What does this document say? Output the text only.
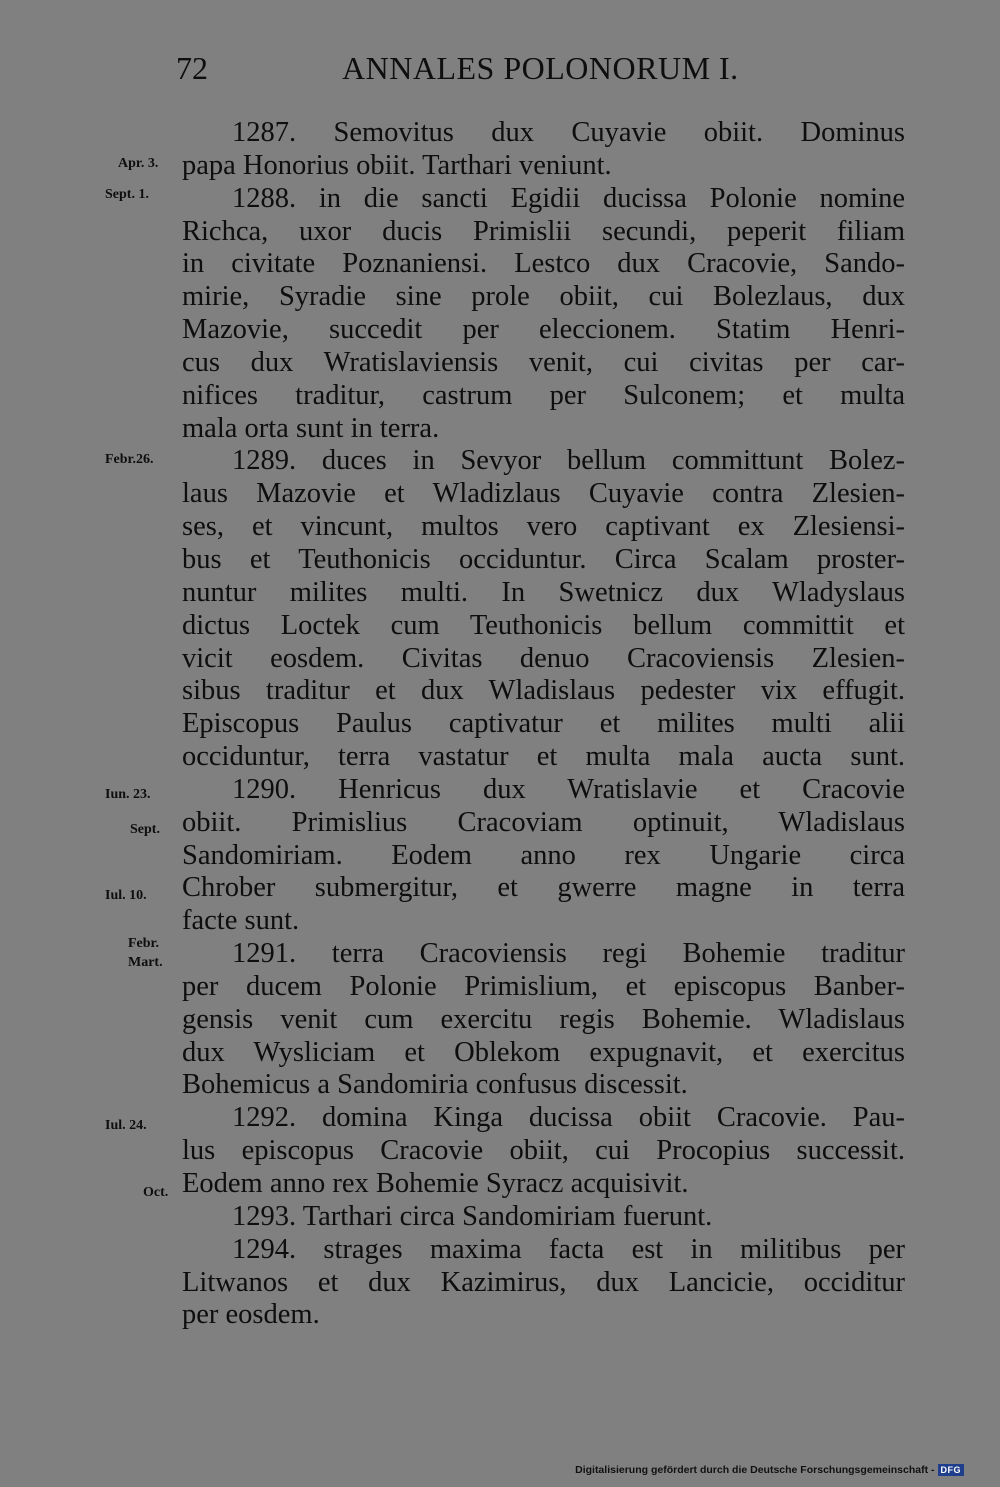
72	ANNALES POLONORUM I.
Apr. 3.
Sept. 1.
Febr.26.
Iun. 23.
Sept.
Iul. 10.
Febr.
Mart.
Iul. 24.
Oct.
1287. Semovitus dux Cuyavie obiit. Dominus
papa Honorius obiit. Tarthari veniunt.
1288. in die sancti Egidii ducissa Polonie nomine
Richca, uxor ducis Primislii secundi, peperit filiam
in civitate Poznaniensi. Lestco dux Cracovie, Sando-
mirie, Syradie sine prole obiit, cui Bolezlaus, dux
Mazovie, succedit per eleccionem. Statim Henri-
cus dux Wratislaviensis venit, cui civitas per car-
nifices traditur, castrum per Sulconem; et multa
mala orta sunt in terra.
1289. duces in Sevyor bellum committunt Bolez-
laus Mazovie et Wladizlaus Cuyavie contra Zlesien-
ses, et vincunt, multos vero captivant ex Zlesiensi-
bus et Teuthonicis occiduntur. Circa Scalam proster-
nuntur milites multi. In Swetnicz dux Wladyslaus
dictus Loctek cum Teuthonicis bellum committit et
vicit eosdem. Civitas denuo Cracoviensis Zlesien-
sibus traditur et dux Wladislaus pedester vix effugit.
Episcopus Paulus captivatur et milites multi alii
occiduntur, terra vastatur et multa mala aucta sunt.
1290. Henricus dux Wratislavie et Cracovie
obiit. Primislius Cracoviam optinuit, Wladislaus
Sandomiriam. Eodem anno rex Ungarie circa
Chrober submergitur, et gwerre magne in terra
facte sunt.
1291. terra Cracoviensis regi Bohemie traditur
per ducem Polonie Primislium, et episcopus Banber-
gensis venit cum exercitu regis Bohemie. Wladislaus
dux Wysliciam et Oblekom expugnavit, et exercitus
Bohemicus a Sandomiria confusus discessit.
1292. domina Kinga ducissa obiit Cracovie. Pau-
lus episcopus Cracovie obiit, cui Procopius successit.
Eodem anno rex Bohemie Syracz acquisivit.
1293. Tarthari circa Sandomiriam fuerunt.
1294. strages maxima facta est in militibus per
Litwanos et dux Kazimirus, dux Lancicie, occiditur
per eosdem.
Digitalisierung gefördert durch die Deutsche Forschungsgemeinschaft - DFG
